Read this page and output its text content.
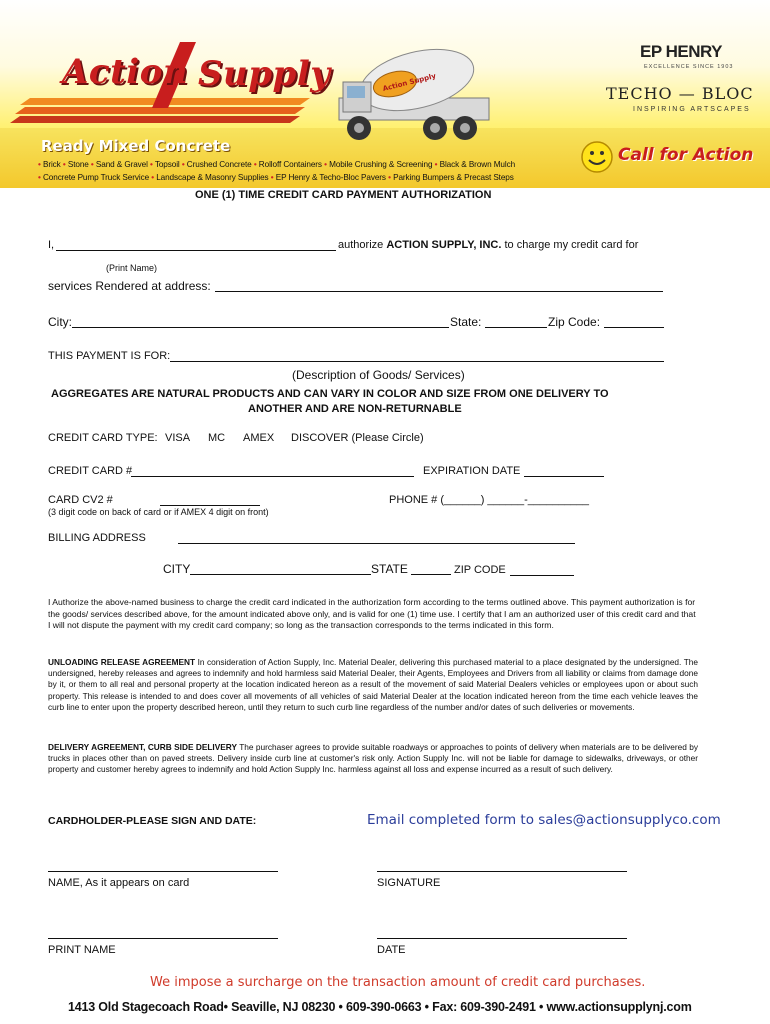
Action Supply	Action Supply
EP HENRY
EXCELLENCE SINCE 1903
TECHO — BLOC
INSPIRING ARTSCAPES
Ready Mixed Concrete
• Brick • Stone • Sand & Gravel • Topsoil • Crushed Concrete • Rolloff Containers • Mobile Crushing & Screening • Black & Brown Mulch
• Concrete Pump Truck Service • Landscape & Masonry Supplies • EP Henry & Techo-Bloc Pavers • Parking Bumpers & Precast Steps
Call for Action
ONE (1) TIME CREDIT CARD PAYMENT AUTHORIZATION
I,	authorize ACTION SUPPLY, INC. to charge my credit card for
(Print Name)
services Rendered at address:
City:	State:	Zip Code:
THIS PAYMENT IS FOR:
(Description of Goods/ Services)
AGGREGATES ARE NATURAL PRODUCTS AND CAN VARY IN COLOR AND SIZE FROM ONE DELIVERY TO
ANOTHER AND ARE NON-RETURNABLE
CREDIT CARD TYPE: VISA MC AMEX DISCOVER (Please Circle)
CREDIT CARD #	EXPIRATION DATE
CARD CV2 #	PHONE # (______) ______-__________
(3 digit code on back of card or if AMEX 4 digit on front)
BILLING ADDRESS
CITY	STATE	ZIP CODE
I Authorize the above-named business to charge the credit card indicated in the authorization form according to the terms outlined above. This payment authorization is for the goods/ services described above, for the amount indicated above only, and is valid for one (1) time use. I certify that I am an authorized user of this credit card and that I will not dispute the payment with my credit card company; so long as the transaction corresponds to the terms indicated in this form.
UNLOADING RELEASE AGREEMENT In consideration of Action Supply, Inc. Material Dealer, delivering this purchased material to a place designated by the undersigned. The undersigned, hereby releases and agrees to indemnify and hold harmless said Material Dealer, their Agents, Employees and Drivers from all liability or claims from damage done by it, or them to all real and personal property at the location indicated hereon as a result of the movement of said Material Dealers vehicles or employees upon or about such property. This release is intended to and does cover all movements of all vehicles of said Material Dealer at the location indicated hereon from the time each vehicle leaves the curb line to enter upon the property described hereon, until they return to such curb line regardless of the number and/or dates of such deliveries or movements.
DELIVERY AGREEMENT, CURB SIDE DELIVERY The purchaser agrees to provide suitable roadways or approaches to points of delivery when materials are to be delivered by trucks in places other than on paved streets. Delivery inside curb line at customer's risk only. Action Supply Inc. will not be liable for damage to sidewalks, driveways, or other property and customer hereby agrees to indemnify and hold Action Supply Inc. harmless against all loss and expense incurred as a result of such delivery.
CARDHOLDER-PLEASE SIGN AND DATE:	Email completed form to sales@actionsupplyco.com
NAME, As it appears on card	SIGNATURE
PRINT NAME	DATE
We impose a surcharge on the transaction amount of credit card purchases.
1413 Old Stagecoach Road• Seaville, NJ 08230 • 609-390-0663 • Fax: 609-390-2491 • www.actionsupplynj.com
